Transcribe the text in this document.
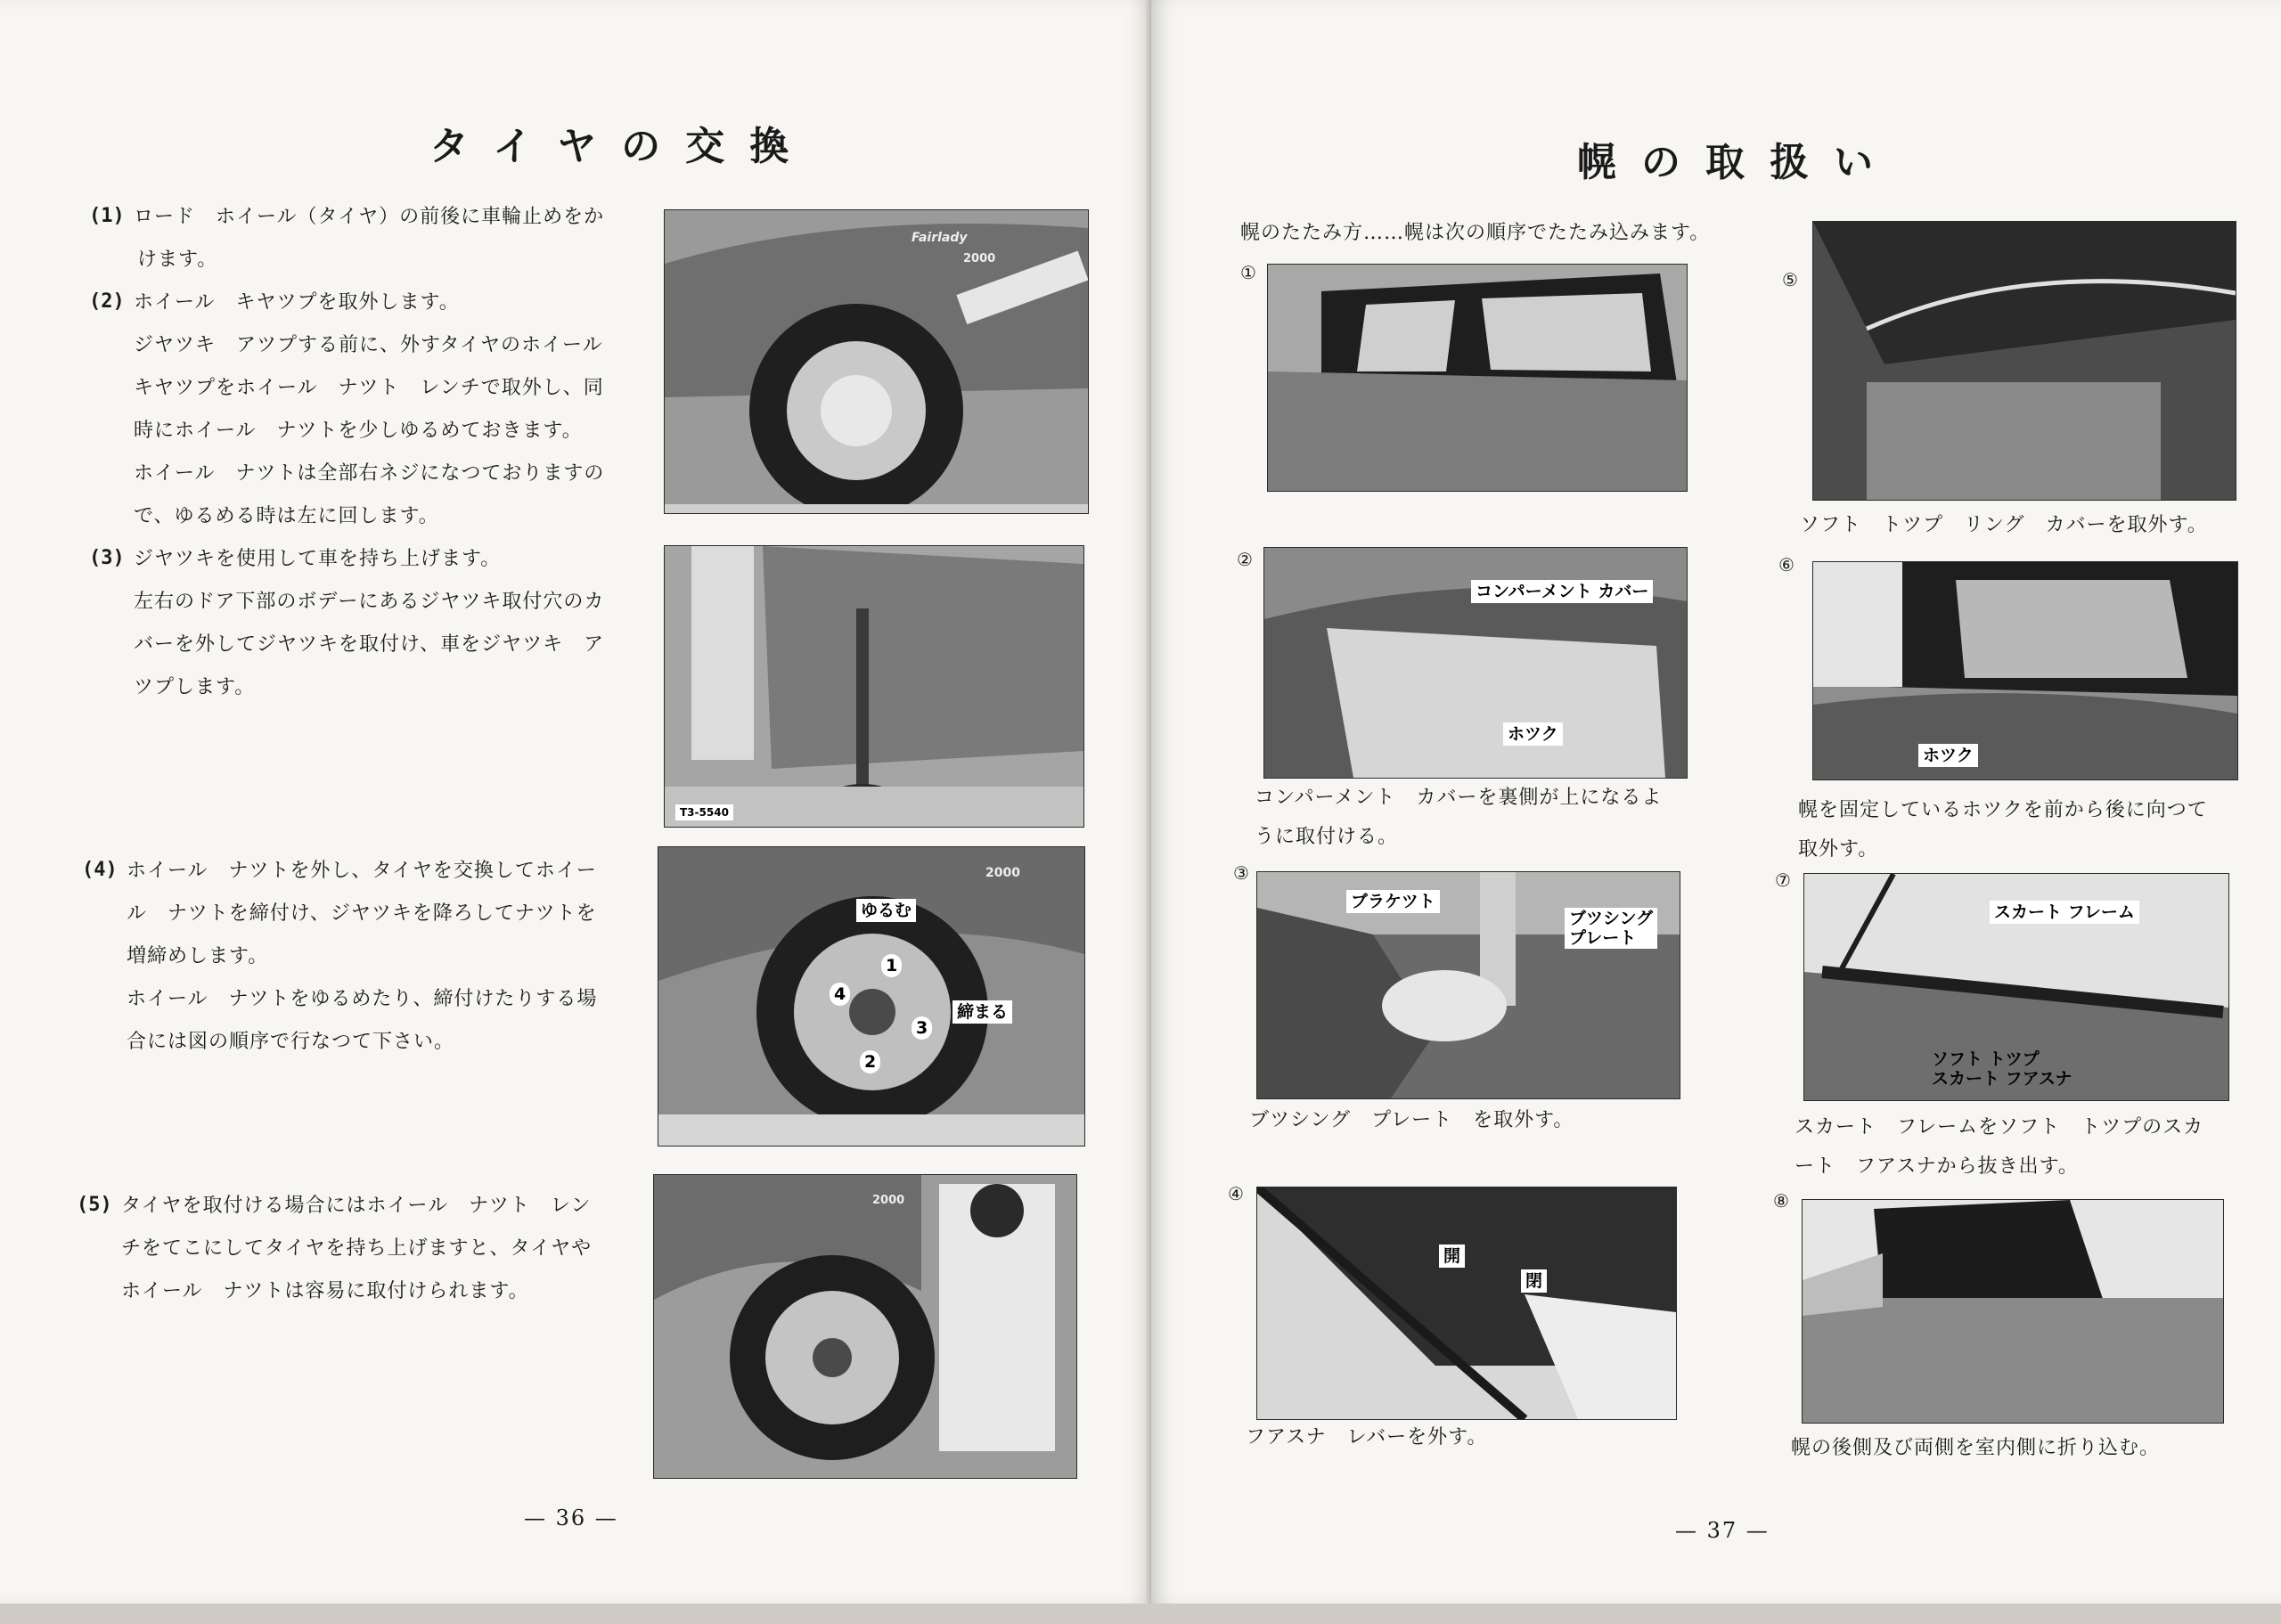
タイヤの交換
(1) ロード　ホイール（タイヤ）の前後に車輪止めをか
けます。
(2) ホイール　キヤツプを取外します。
ジヤツキ　アツプする前に、外すタイヤのホイール
キヤツプをホイール　ナツト　レンチで取外し、同
時にホイール　ナツトを少しゆるめておきます。
ホイール　ナツトは全部右ネジになつておりますの
で、ゆるめる時は左に回します。
(3) ジヤツキを使用して車を持ち上げます。
左右のドア下部のボデーにあるジヤツキ取付穴のカ
バーを外してジヤツキを取付け、車をジヤツキ　ア
ツプします。
(4) ホイール　ナツトを外し、タイヤを交換してホイー
ル　ナツトを締付け、ジヤツキを降ろしてナツトを
増締めします。
ホイール　ナツトをゆるめたり、締付けたりする場
合には図の順序で行なつて下さい。
(5) タイヤを取付ける場合にはホイール　ナツト　レン
チをてこにしてタイヤを持ち上げますと、タイヤや
ホイール　ナツトは容易に取付けられます。
Fairlady
2000
T3-5540
ゆるむ
締まる
1
2
3
4
2000
2000
— 36 —
幌の取扱い
幌のたたみ方……幌は次の順序でたたみ込みます。
①
②
コンパーメント カバー
ホツク
コンパーメント　カバーを裏側が上になるよ
うに取付ける。
③
ブラケツト
ブツシング
プレート
ブツシング　プレート　を取外す。
④
開
閉
フアスナ　レバーを外す。
⑤
ソフト　トツプ　リング　カバーを取外す。
⑥
ホツク
幌を固定しているホツクを前から後に向つて
取外す。
⑦
スカート フレーム
ソフト トツプ
スカート フアスナ
スカート　フレームをソフト　トツプのスカ
ート　フアスナから抜き出す。
⑧
幌の後側及び両側を室内側に折り込む。
— 37 —
